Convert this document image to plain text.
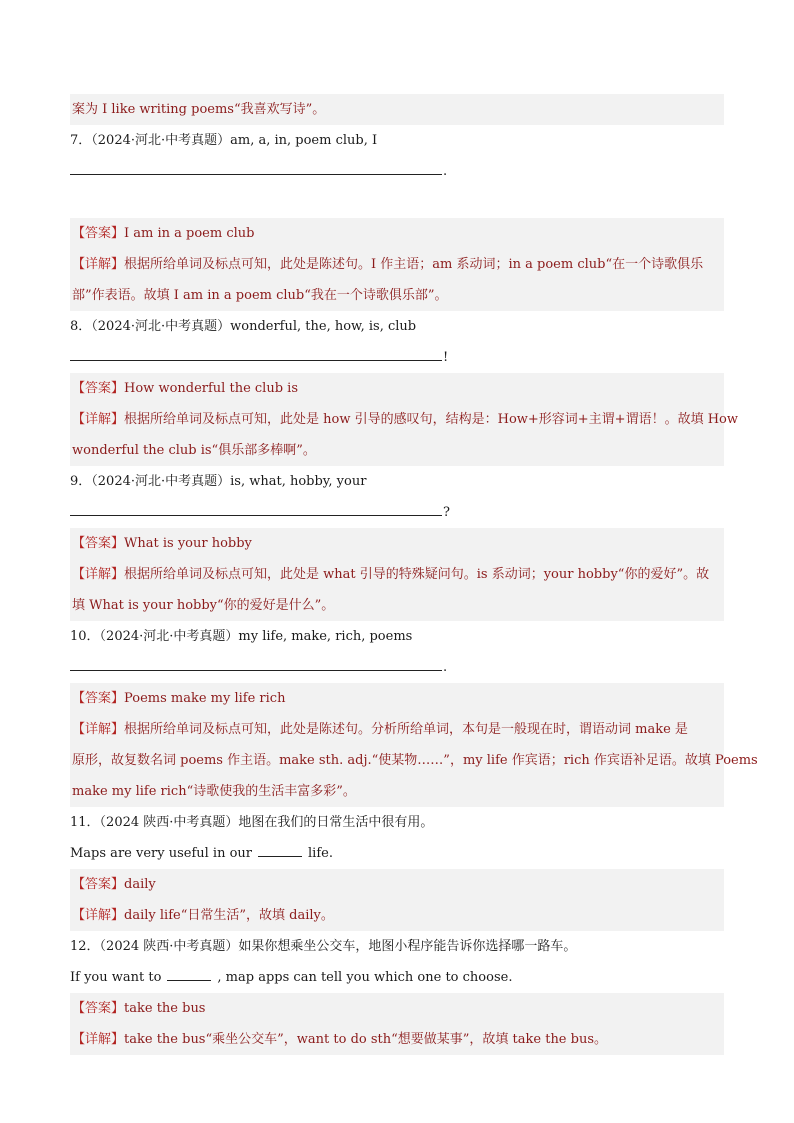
案为 I like writing poems“我喜欢写诗”。
7．（2024·河北·中考真题）am, a, in, poem club, I
.
【答案】I am in a poem club
【详解】根据所给单词及标点可知，此处是陈述句。I 作主语；am 系动词；in a poem club“在一个诗歌俱乐
部”作表语。故填 I am in a poem club“我在一个诗歌俱乐部”。
8．（2024·河北·中考真题）wonderful, the, how, is, club
!
【答案】How wonderful the club is
【详解】根据所给单词及标点可知，此处是 how 引导的感叹句，结构是：How+形容词+主谓+谓语！。故填 How
wonderful the club is“俱乐部多棒啊”。
9．（2024·河北·中考真题）is, what, hobby, your
?
【答案】What is your hobby
【详解】根据所给单词及标点可知，此处是 what 引导的特殊疑问句。is 系动词；your hobby“你的爱好”。故
填 What is your hobby“你的爱好是什么”。
10．（2024·河北·中考真题）my life, make, rich, poems
.
【答案】Poems make my life rich
【详解】根据所给单词及标点可知，此处是陈述句。分析所给单词，本句是一般现在时，谓语动词 make 是
原形，故复数名词 poems 作主语。make sth. adj.“使某物……”，my life 作宾语；rich 作宾语补足语。故填 Poems
make my life rich“诗歌使我的生活丰富多彩”。
11．（2024 陕西·中考真题）地图在我们的日常生活中很有用。
Maps are very useful in our	life.
【答案】daily
【详解】daily life“日常生活”，故填 daily。
12．（2024 陕西·中考真题）如果你想乘坐公交车，地图小程序能告诉你选择哪一路车。
If you want to	, map apps can tell you which one to choose.
【答案】take the bus
【详解】take the bus“乘坐公交车”，want to do sth“想要做某事”，故填 take the bus。
